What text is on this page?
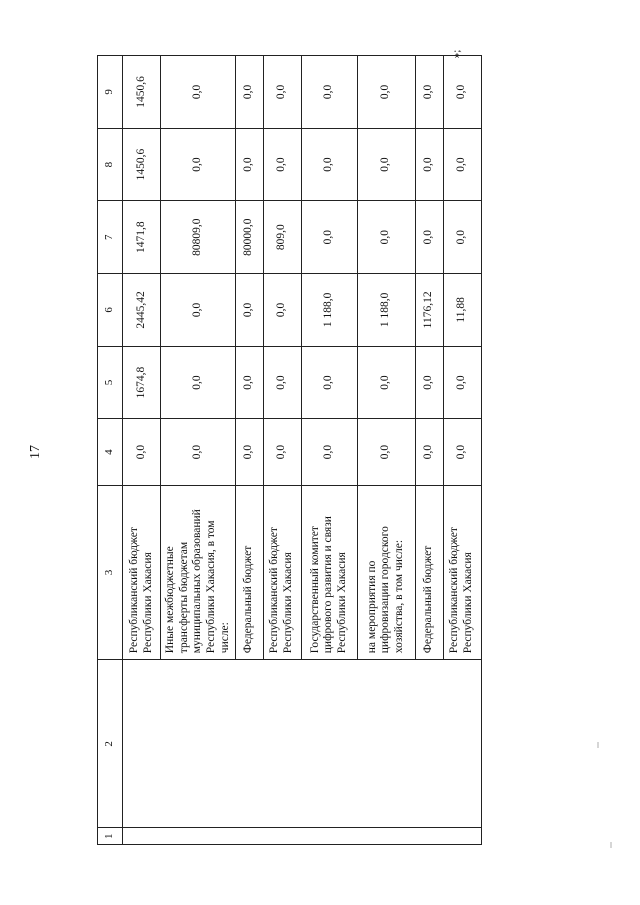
17
»;
1	2	3	4	5	6	7	8	9
		Республиканский бюджет Республики Хакасия	0,0	1674,8	2445,42	1471,8	1450,6	1450,6
		Иные межбюджетные трансферты бюджетам муниципальных образований Республики Хакасия, в том числе:	0,0	0,0	0,0	80809,0	0,0	0,0
		Федеральный бюджет	0,0	0,0	0,0	80000,0	0,0	0,0
		Республиканский бюджет Республики Хакасия	0,0	0,0	0,0	809,0	0,0	0,0
		Государственный комитет цифрового развития и связи Республики Хакасия	0,0	0,0	1 188,0	0,0	0,0	0,0
		на мероприятия по цифровизации городского хозяйства, в том числе:	0,0	0,0	1 188,0	0,0	0,0	0,0
		Федеральный бюджет	0,0	0,0	1176,12	0,0	0,0	0,0
		Республиканский бюджет Республики Хакасия	0,0	0,0	11,88	0,0	0,0	0,0
